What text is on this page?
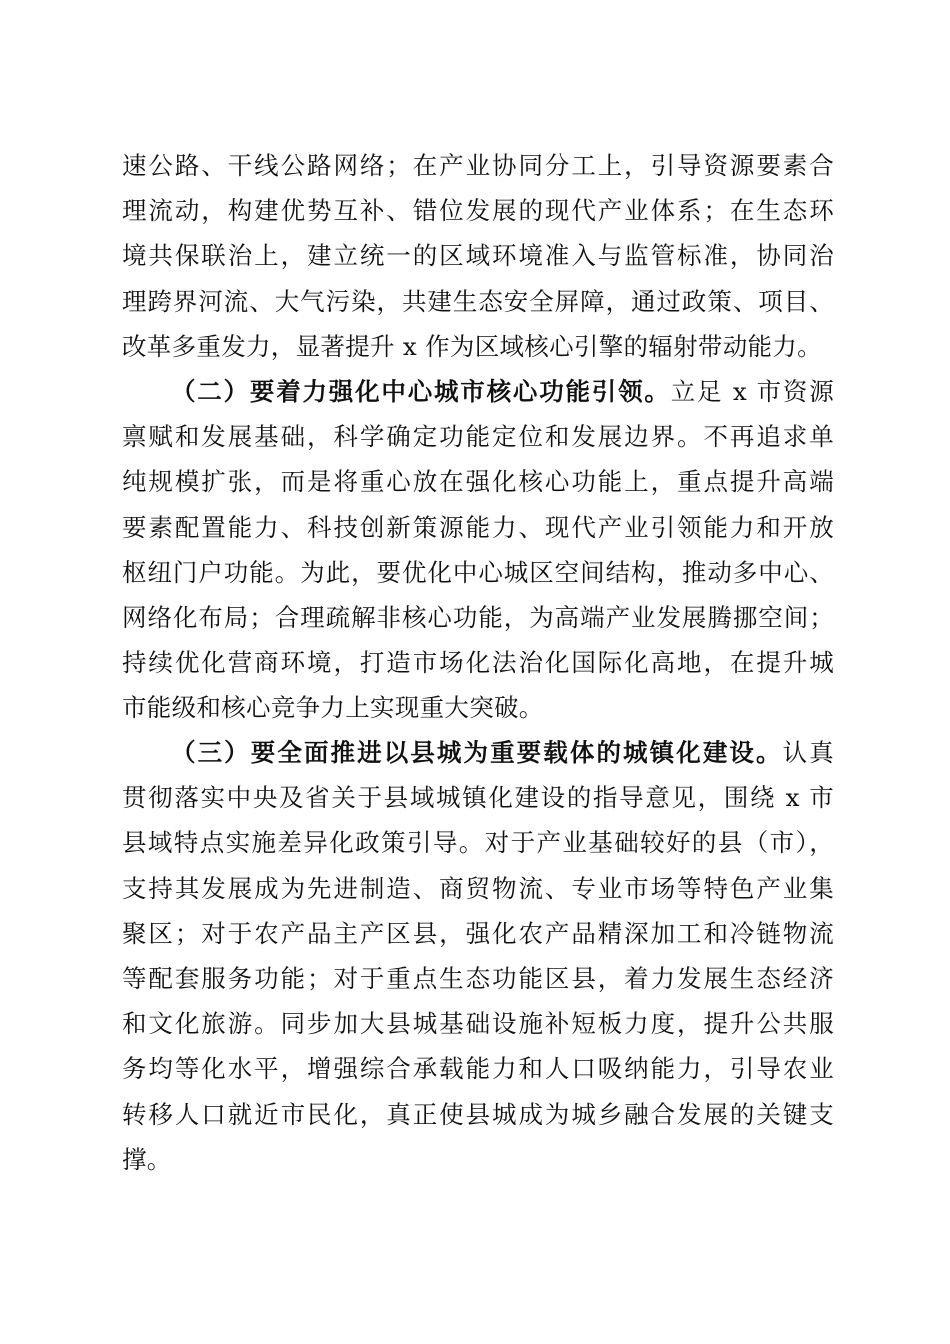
速公路、干线公路网络；在产业协同分工上，引导资源要素合
理流动，构建优势互补、错位发展的现代产业体系；在生态环
境共保联治上，建立统一的区域环境准入与监管标准，协同治
理跨界河流、大气污染，共建生态安全屏障，通过政策、项目、
改革多重发力，显著提升 x 作为区域核心引擎的辐射带动能力。
（二）要着力强化中心城市核心功能引领。立足 x 市资源
禀赋和发展基础，科学确定功能定位和发展边界。不再追求单
纯规模扩张，而是将重心放在强化核心功能上，重点提升高端
要素配置能力、科技创新策源能力、现代产业引领能力和开放
枢纽门户功能。为此，要优化中心城区空间结构，推动多中心、
网络化布局；合理疏解非核心功能，为高端产业发展腾挪空间；
持续优化营商环境，打造市场化法治化国际化高地，在提升城
市能级和核心竞争力上实现重大突破。
（三）要全面推进以县城为重要载体的城镇化建设。认真
贯彻落实中央及省关于县域城镇化建设的指导意见，围绕 x 市
县域特点实施差异化政策引导。对于产业基础较好的县（市），
支持其发展成为先进制造、商贸物流、专业市场等特色产业集
聚区；对于农产品主产区县，强化农产品精深加工和冷链物流
等配套服务功能；对于重点生态功能区县，着力发展生态经济
和文化旅游。同步加大县城基础设施补短板力度，提升公共服
务均等化水平，增强综合承载能力和人口吸纳能力，引导农业
转移人口就近市民化，真正使县城成为城乡融合发展的关键支
撑。
